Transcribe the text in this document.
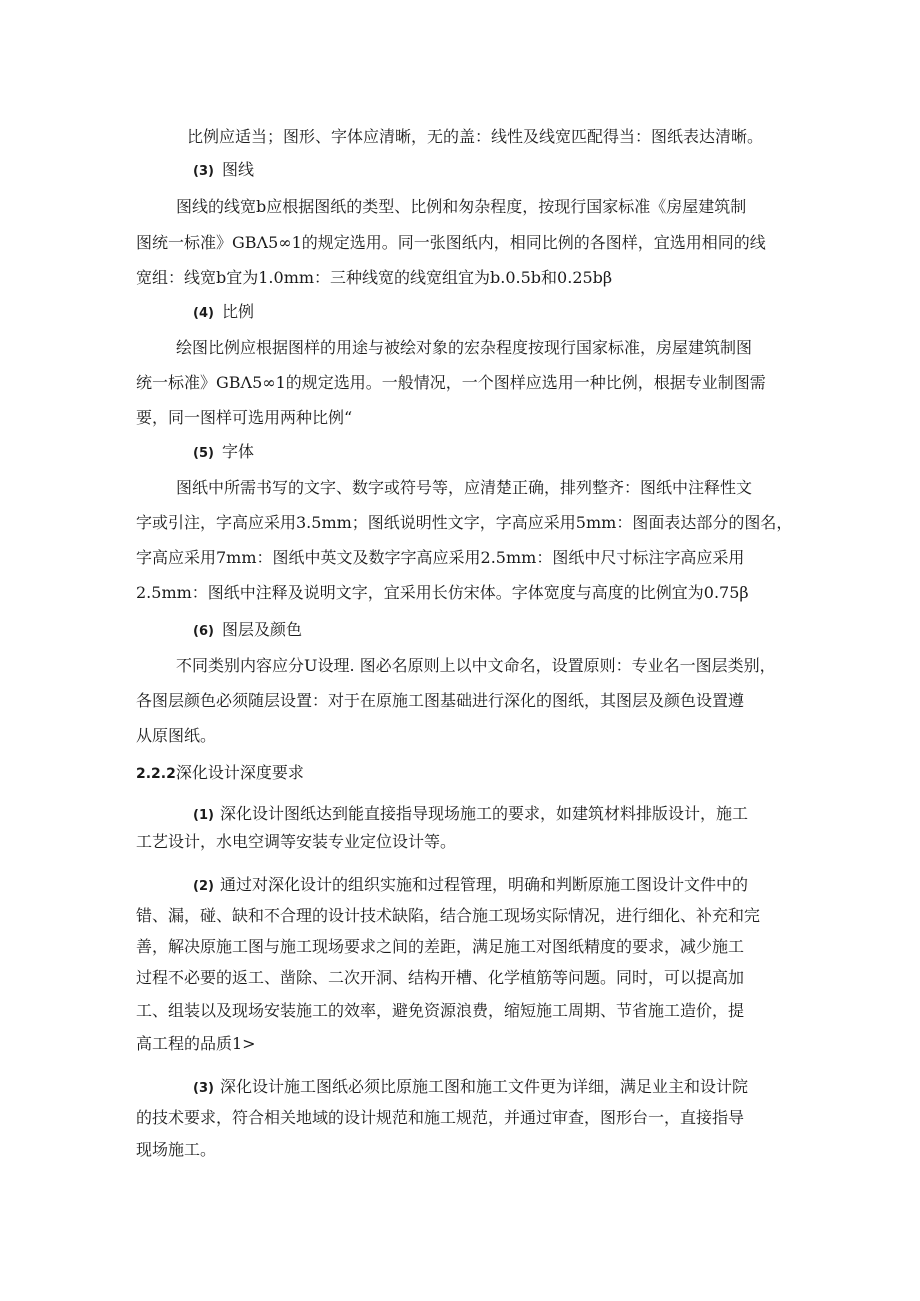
比例应适当；图形、字体应清晰，无的盖：线性及线宽匹配得当：图纸表达清晰。
(3) 图线
图线的线宽b应根据图纸的类型、比例和匆杂程度，按现行国家标准《房屋建筑制
图统一标准》GBΛ5∞1的规定选用。同一张图纸内，相同比例的各图样，宜选用相同的线
宽组：线宽b宜为1.0mm：三种线宽的线宽组宜为b.0.5b和0.25bβ
(4) 比例
绘图比例应根据图样的用途与被绘对象的宏杂程度按现行国家标准，房屋建筑制图
统一标准》GBΛ5∞1的规定选用。一般情况，一个图样应选用一种比例，根据专业制图需
要，同一图样可选用两种比例“
(5) 字体
图纸中所需书写的文字、数字或符号等，应清楚正确，排列整齐：图纸中注释性文
字或引注，字高应采用3.5mm；图纸说明性文字，字高应采用5mm：图面表达部分的图名，
字高应采用7mm：图纸中英文及数字字高应采用2.5mm：图纸中尺寸标注字高应采用
2.5mm：图纸中注释及说明文字，宜采用长仿宋体。字体宽度与高度的比例宜为0.75β
(6) 图层及颜色
不同类别内容应分U设理. 图必名原则上以中文命名，设置原则：专业名一图层类别，
各图层颜色必须随层设置：对于在原施工图基础进行深化的图纸，其图层及颜色设置遵
从原图纸。
2.2.2深化设计深度要求
(1) 深化设计图纸达到能直接指导现场施工的要求，如建筑材料排版设计，施工
工艺设计，水电空调等安装专业定位设计等。
(2) 通过对深化设计的组织实施和过程管理，明确和判断原施工图设计文件中的
错、漏，碰、缺和不合理的设计技术缺陷，结合施工现场实际情况，进行细化、补充和完
善，解决原施工图与施工现场要求之间的差距，满足施工对图纸精度的要求，减少施工
过程不必要的返工、凿除、二次开洞、结构开槽、化学植筋等问题。同时，可以提高加
工、组装以及现场安装施工的效率，避免资源浪费，缩短施工周期、节省施工造价，提
高工程的品质1>
(3) 深化设计施工图纸必须比原施工图和施工文件更为详细，满足业主和设计院
的技术要求，符合相关地域的设计规范和施工规范，并通过审查，图形台一，直接指导
现场施工。
